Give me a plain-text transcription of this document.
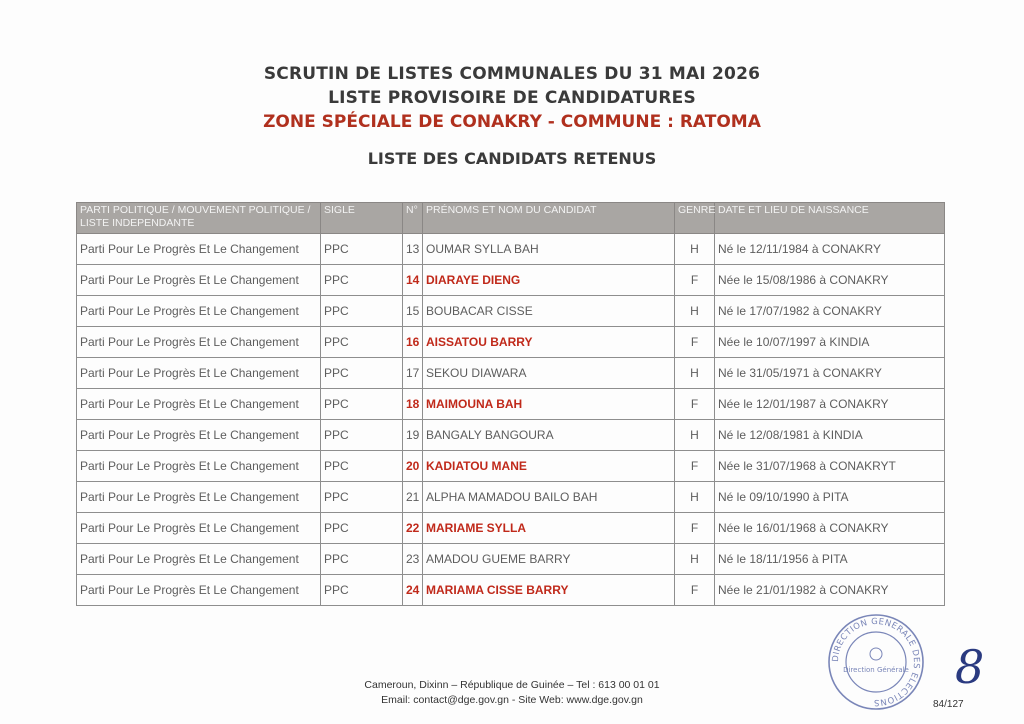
SCRUTIN DE LISTES COMMUNALES DU 31 MAI 2026
LISTE PROVISOIRE DE CANDIDATURES
ZONE SPÉCIALE DE CONAKRY - COMMUNE : RATOMA
LISTE DES CANDIDATS RETENUS
PARTI POLITIQUE / MOUVEMENT POLITIQUE / LISTE INDEPENDANTE	SIGLE	N°	PRÉNOMS ET NOM DU CANDIDAT	GENRE	DATE ET LIEU DE NAISSANCE
Parti Pour Le Progrès Et Le Changement	PPC	13	OUMAR SYLLA BAH	H	Né le 12/11/1984 à CONAKRY
Parti Pour Le Progrès Et Le Changement	PPC	14	DIARAYE DIENG	F	Née le 15/08/1986 à CONAKRY
Parti Pour Le Progrès Et Le Changement	PPC	15	BOUBACAR CISSE	H	Né le 17/07/1982 à CONAKRY
Parti Pour Le Progrès Et Le Changement	PPC	16	AISSATOU BARRY	F	Née le 10/07/1997 à KINDIA
Parti Pour Le Progrès Et Le Changement	PPC	17	SEKOU DIAWARA	H	Né le 31/05/1971 à CONAKRY
Parti Pour Le Progrès Et Le Changement	PPC	18	MAIMOUNA BAH	F	Née le 12/01/1987 à CONAKRY
Parti Pour Le Progrès Et Le Changement	PPC	19	BANGALY BANGOURA	H	Né le 12/08/1981 à KINDIA
Parti Pour Le Progrès Et Le Changement	PPC	20	KADIATOU MANE	F	Née le 31/07/1968 à CONAKRYT
Parti Pour Le Progrès Et Le Changement	PPC	21	ALPHA MAMADOU BAILO BAH	H	Né le 09/10/1990 à PITA
Parti Pour Le Progrès Et Le Changement	PPC	22	MARIAME SYLLA	F	Née le 16/01/1968 à CONAKRY
Parti Pour Le Progrès Et Le Changement	PPC	23	AMADOU GUEME BARRY	H	Né le 18/11/1956 à PITA
Parti Pour Le Progrès Et Le Changement	PPC	24	MARIAMA CISSE BARRY	F	Née le 21/01/1982 à CONAKRY
DIRECTION GENERALE DES ELECTIONS
Direction Générale 8
Cameroun, Dixinn – République de Guinée – Tel : 613 00 01 01
Email: contact@dge.gov.gn - Site Web: www.dge.gov.gn	84/127
